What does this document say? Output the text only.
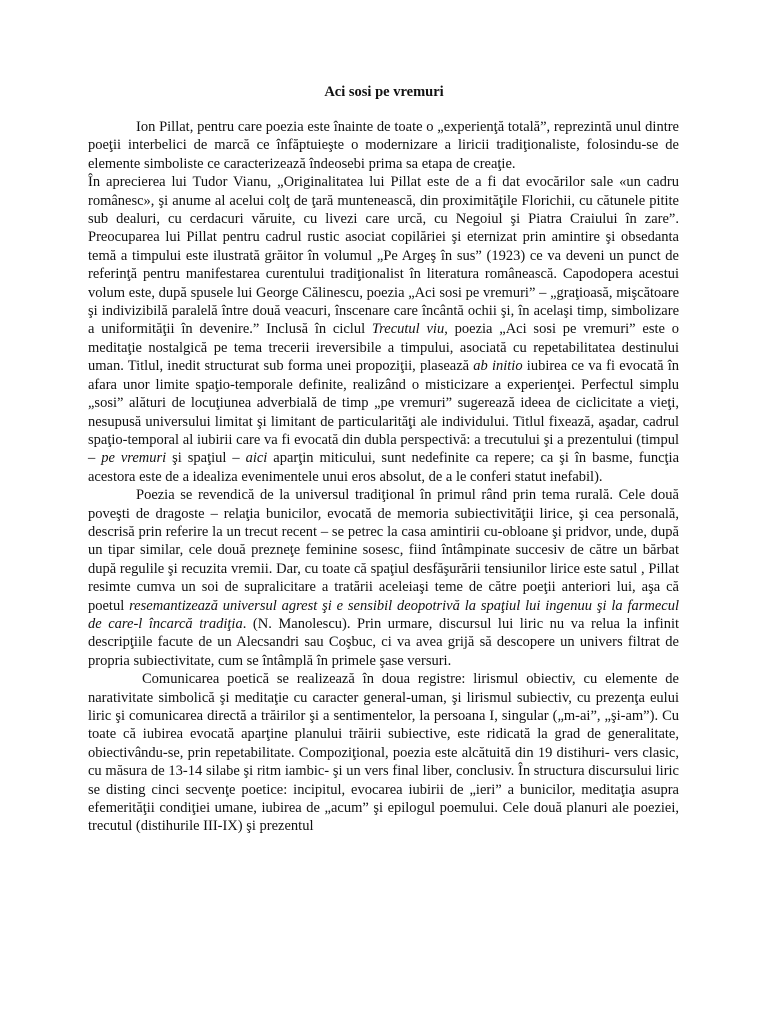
Aci sosi pe vremuri

Ion Pillat, pentru care poezia este înainte de toate o „experienţă totală”, reprezintă unul dintre poeţii interbelici de marcă ce înfăptuieşte o modernizare a liricii tradiţionaliste, folosindu-se de elemente simboliste ce caracterizează îndeosebi prima sa etapa de creaţie.

În aprecierea lui Tudor Vianu, „Originalitatea lui Pillat este de a fi dat evocărilor sale «un cadru românesc», şi anume al acelui colţ de ţară muntenească, din proximităţile Florichii, cu cătunele pitite sub dealuri, cu cerdacuri văruite, cu livezi care urcă, cu Negoiul şi Piatra Craiului în zare”. Preocuparea lui Pillat pentru cadrul rustic asociat copilăriei şi eternizat prin amintire şi obsedanta temă a timpului este ilustrată grăitor în volumul „Pe Argeş în sus” (1923) ce va deveni un punct de referinţă pentru manifestarea curentului tradiţionalist în literatura românească. Capodopera acestui volum este, după spusele lui George Călinescu, poezia „Aci sosi pe vremuri” – „graţioasă, mişcătoare şi indivizibilă paralelă între două veacuri, înscenare care încântă ochii şi, în acelaşi timp, simbolizare a uniformităţii în devenire.” Inclusă în ciclul Trecutul viu, poezia „Aci sosi pe vremuri” este o meditaţie nostalgică pe tema trecerii ireversibile a timpului, asociată cu repetabilitatea destinului uman. Titlul, inedit structurat sub forma unei propoziţii, plasează ab initio iubirea ce va fi evocată în afara unor limite spaţio-temporale definite, realizând o misticizare a experienţei. Perfectul simplu „sosi” alături de locuţiunea adverbială de timp „pe vremuri” sugerează ideea de ciclicitate a vieţi, nesupusă universului limitat şi limitant de particularităţi ale individului. Titlul fixează, aşadar, cadrul spaţio-temporal al iubirii care va fi evocată din dubla perspectivă: a trecutului şi a prezentului (timpul – pe vremuri şi spaţiul – aici aparţin miticului, sunt nedefinite ca repere; ca şi în basme, funcţia acestora este de a idealiza evenimentele unui eros absolut, de a le conferi statut inefabil).

Poezia se revendică de la universul tradiţional în primul rând prin tema rurală. Cele două poveşti de dragoste – relaţia bunicilor, evocată de memoria subiectivităţii lirice, şi cea personală, descrisă prin referire la un trecut recent – se petrec la casa amintirii cu-obloane şi pridvor, unde, după un tipar similar, cele două prezneţe feminine sosesc, fiind întâmpinate succesiv de către un bărbat după regulile şi recuzita vremii. Dar, cu toate că spaţiul desfăşurării tensiunilor lirice este satul , Pillat resimte cumva un soi de supralicitare a tratării aceleiaşi teme de către poeţii anteriori lui, aşa că poetul resemantizează universul agrest şi e sensibil deopotrivă la spaţiul lui ingenuu şi la farmecul de care-l încarcă tradiţia. (N. Manolescu). Prin urmare, discursul lui liric nu va relua la infinit descripţiile facute de un Alecsandri sau Coşbuc, ci va avea grijă să descopere un univers filtrat de propria subiectivitate, cum se întâmplă în primele şase versuri.

Comunicarea poetică se realizează în doua registre: lirismul obiectiv, cu elemente de narativitate simbolică şi meditaţie cu caracter general-uman, şi lirismul subiectiv, cu prezenţa eului liric şi comunicarea directă a trăirilor şi a sentimentelor, la persoana I, singular („m-ai”, „şi-am”). Cu toate că iubirea evocată aparţine planului trăirii subiective, este ridicată la grad de generalitate, obiectivându-se, prin repetabilitate. Compoziţional, poezia este alcătuită din 19 distihuri- vers clasic, cu măsura de 13-14 silabe şi ritm iambic- şi un vers final liber, conclusiv. În structura discursului liric se disting cinci secvenţe poetice: incipitul, evocarea iubirii de „ieri” a bunicilor, meditaţia asupra efemerităţii condiţiei umane, iubirea de „acum” şi epilogul poemului. Cele două planuri ale poeziei, trecutul (distihurile III-IX) şi prezentul
